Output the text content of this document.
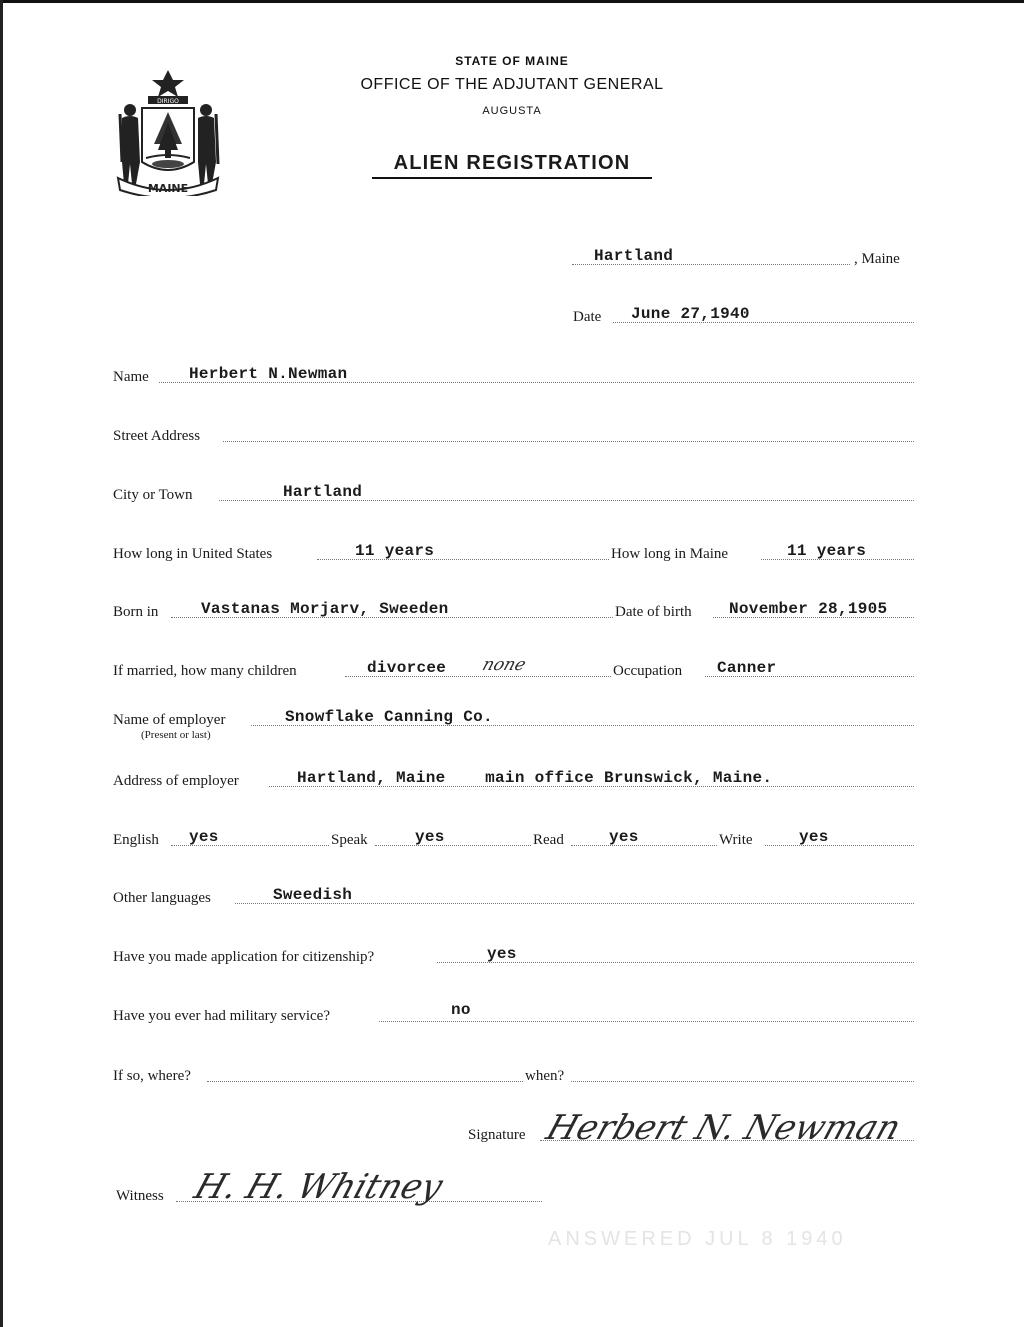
DIRIGO
MAINE
STATE OF MAINE
OFFICE OF THE ADJUTANT GENERAL
AUGUSTA
ALIEN REGISTRATION
Hartland	, Maine
Date June 27,1940
Name	Herbert N.Newman
Street Address
City or Town	Hartland
How long in United States	11 years	How long in Maine	11 years
Born in	Vastanas Morjarv, Sweeden	Date of birth November 28,1905
If married, how many children	divorcee none	Occupation Canner
Name of employer	Snowflake Canning Co.
(Present or last)
Address of employer	Hartland, Maine    main office Brunswick, Maine.
English yes	Speak	yes	Read	yes	Write	yes
Other languages	Sweedish
Have you made application for citizenship?	yes
Have you ever had military service?	no
If so, where?	when?
Signature Herbert N. Newman
Witness H. H. Whitney
ANSWERED JUL 8 1940
